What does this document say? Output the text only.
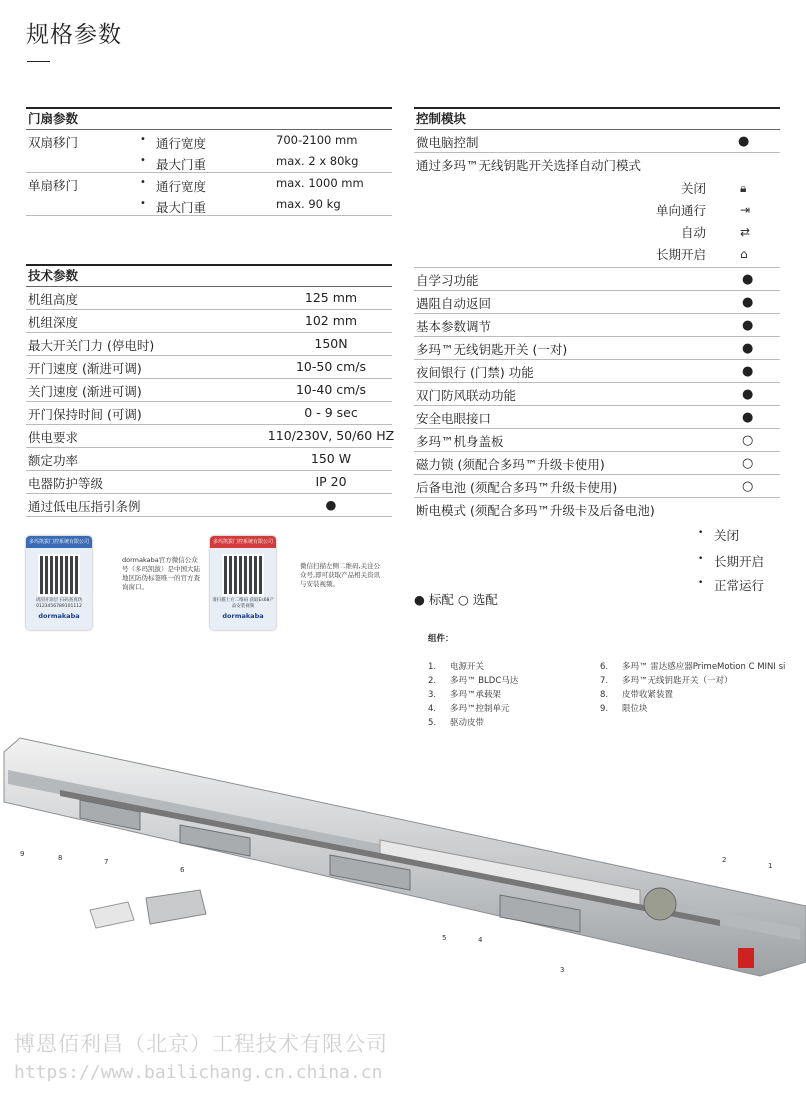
规格参数
门扇参数
双扇移门	• 通行宽度	700-2100 mm
• 最大门重	max. 2 x 80kg
单扇移门	• 通行宽度	max. 1000 mm
• 最大门重	max. 90 kg
技术参数
机组高度	125 mm
机组深度	102 mm
最大开关门力 (停电时)	150N
开门速度 (渐进可调)	10-50 cm/s
关门速度 (渐进可调)	10-40 cm/s
开门保持时间 (可调)	0 - 9 sec
供电要求	110/230V, 50/60 HZ
额定功率	150 W
电器防护等级	IP 20
通过低电压指引条例	●
控制模块
微电脑控制	●
通过多玛™无线钥匙开关选择自动门模式
关闭	🔒︎
单向通行	⇥
自动	⇄
长期开启	⌂
自学习功能	●
遇阻自动返回	●
基本参数调节	●
多玛™无线钥匙开关 (一对)	●
夜间银行 (门禁) 功能	●
双门防风联动功能	●
安全电眼接口	●
多玛™机身盖板	○
磁力锁 (须配合多玛™升级卡使用)	○
后备电池 (须配合多玛™升级卡使用)	○
断电模式 (须配合多玛™升级卡及后备电池)
• 关闭
• 长期开启
• 正常运行
● 标配 ○ 选配
多玛凯拔门控系统有限公司
请刮开涂层 扫码查真伪
0123456789101112
dormakaba
dormakaba官方微信公众号（多玛凯拔）是中国大陆地区防伪标签唯一的官方查询窗口。
多玛凯拔门控系统有限公司
请扫描上方二维码 获取Es68产品安装视频
dormakaba
微信扫描左侧二维码,关注公众号,即可获取产品相关资讯与安装视频。
组件：
1. 电源开关
2. 多玛™ BLDC马达
3. 多玛™承载架
4. 多玛™控制单元
5. 驱动皮带
6. 多玛™ 雷达感应器PrimeMotion C MINI si
7. 多玛™无线钥匙开关（一对）
8. 皮带收紧装置
9. 限位块
1
2
3
4
5
6
7
8
9
博恩佰利昌（北京）工程技术有限公司
https://www.bailichang.cn.china.cn
